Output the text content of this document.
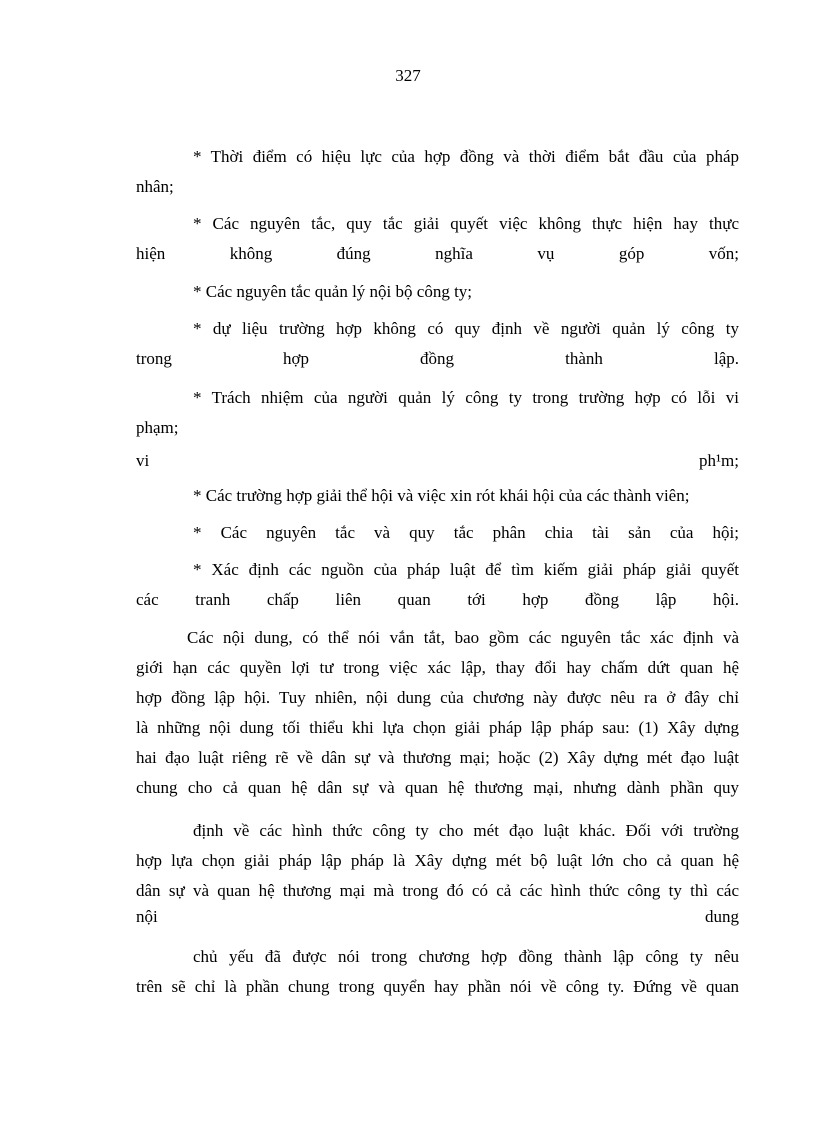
327
* Thời điểm có hiệu lực của hợp đồng và thời điểm bắt đầu của pháp
nhân;
* Các nguyên tắc, quy tắc giải quyết việc không thực hiện hay thực
hiện không đúng nghĩa vụ góp vốn;
* Các nguyên tắc quản lý nội bộ công ty;
* dự liệu trường hợp không có quy định về người quản lý công ty
trong hợp đồng thành lập.
* Trách nhiệm của người quản lý công ty trong trường hợp có lỗi vi
phạm;
vi	ph¹m;
* Các trường hợp giải thể hội và việc xin rót khái hội của các thành viên;
* Các nguyên tắc và quy tắc phân chia tài sản của hội;
* Xác định các nguồn của pháp luật để tìm kiếm giải pháp giải quyết
các tranh chấp liên quan tới hợp đồng lập hội.
Các nội dung, có thể nói vắn tắt, bao gồm các nguyên tắc xác định và
giới hạn các quyền lợi tư trong việc xác lập, thay đổi hay chấm dứt quan hệ
hợp đồng lập hội. Tuy nhiên, nội dung của chương này được nêu ra ở đây chỉ
là những nội dung tối thiểu khi lựa chọn giải pháp lập pháp sau: (1) Xây dựng
hai đạo luật riêng rẽ về dân sự và thương mại; hoặc (2) Xây dựng mét đạo luật
chung cho cả quan hệ dân sự và quan hệ thương mại, nhưng dành phần quy
định về các hình thức công ty cho mét đạo luật khác. Đối với trường
hợp lựa chọn giải pháp lập pháp là Xây dựng mét bộ luật lớn cho cả quan hệ
dân sự và quan hệ thương mại mà trong đó có cả các hình thức công ty thì các
nội	dung
chủ yếu đã được nói trong chương hợp đồng thành lập công ty nêu
trên sẽ chỉ là phần chung trong quyển hay phần nói về công ty. Đứng về quan
